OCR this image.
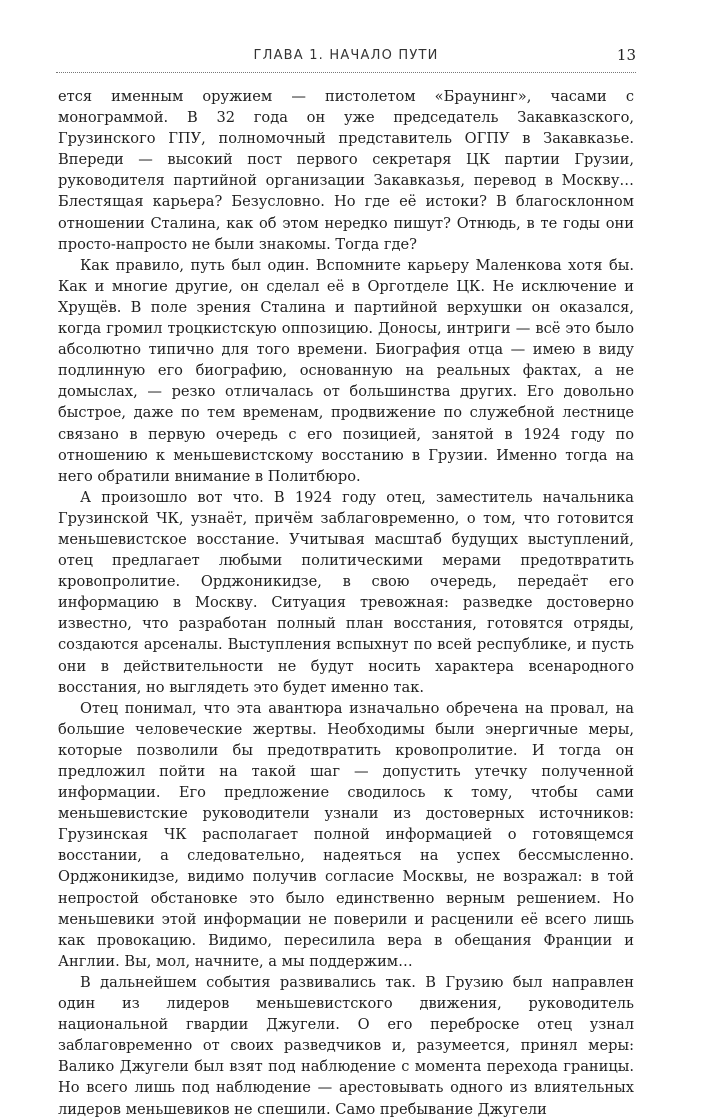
ГЛАВА 1. НАЧАЛО ПУТИ	13

ется именным оружием — пистолетом «Браунинг», часами с монограммой. В 32 года он уже председатель Закавказского, Грузинского ГПУ, полномочный представитель ОГПУ в Закавказье. Впереди — высокий пост первого секретаря ЦК партии Грузии, руководителя партийной организации Закавказья, перевод в Москву… Блестящая карьера? Безусловно. Но где её истоки? В благосклонном отношении Сталина, как об этом нередко пишут? Отнюдь, в те годы они просто-напросто не были знакомы. Тогда где?

Как правило, путь был один. Вспомните карьеру Маленкова хотя бы. Как и многие другие, он сделал её в Орготделе ЦК. Не исключение и Хрущёв. В поле зрения Сталина и партийной верхушки он оказался, когда громил троцкистскую оппозицию. Доносы, интриги — всё это было абсолютно типично для того времени. Биография отца — имею в виду подлинную его биографию, основанную на реальных фактах, а не домыслах, — резко отличалась от большинства других. Его довольно быстрое, даже по тем временам, продвижение по служебной лестнице связано в первую очередь с его позицией, занятой в 1924 году по отношению к меньшевистскому восстанию в Грузии. Именно тогда на него обратили внимание в Политбюро.

А произошло вот что. В 1924 году отец, заместитель начальника Грузинской ЧК, узнаёт, причём заблаговременно, о том, что готовится меньшевистское восстание. Учитывая масштаб будущих выступлений, отец предлагает любыми политическими мерами предотвратить кровопролитие. Орджоникидзе, в свою очередь, передаёт его информацию в Москву. Ситуация тревожная: разведке достоверно известно, что разработан полный план восстания, готовятся отряды, создаются арсеналы. Выступления вспыхнут по всей республике, и пусть они в действительности не будут носить характера всенародного восстания, но выглядеть это будет именно так.

Отец понимал, что эта авантюра изначально обречена на провал, на большие человеческие жертвы. Необходимы были энергичные меры, которые позволили бы предотвратить кровопролитие. И тогда он предложил пойти на такой шаг — допустить утечку полученной информации. Его предложение сводилось к тому, чтобы сами меньшевистские руководители узнали из достоверных источников: Грузинская ЧК располагает полной информацией о готовящемся восстании, а следовательно, надеяться на успех бессмысленно. Орджоникидзе, видимо получив согласие Москвы, не возражал: в той непростой обстановке это было единственно верным решением. Но меньшевики этой информации не поверили и расценили её всего лишь как провокацию. Видимо, пересилила вера в обещания Франции и Англии. Вы, мол, начните, а мы поддержим…

В дальнейшем события развивались так. В Грузию был направлен один из лидеров меньшевистского движения, руководитель национальной гвардии Джугели. О его переброске отец узнал заблаговременно от своих разведчиков и, разумеется, принял меры: Валико Джугели был взят под наблюдение с момента перехода границы. Но всего лишь под наблюдение — арестовывать одного из влиятельных лидеров меньшевиков не спешили. Само пребывание Джугели
